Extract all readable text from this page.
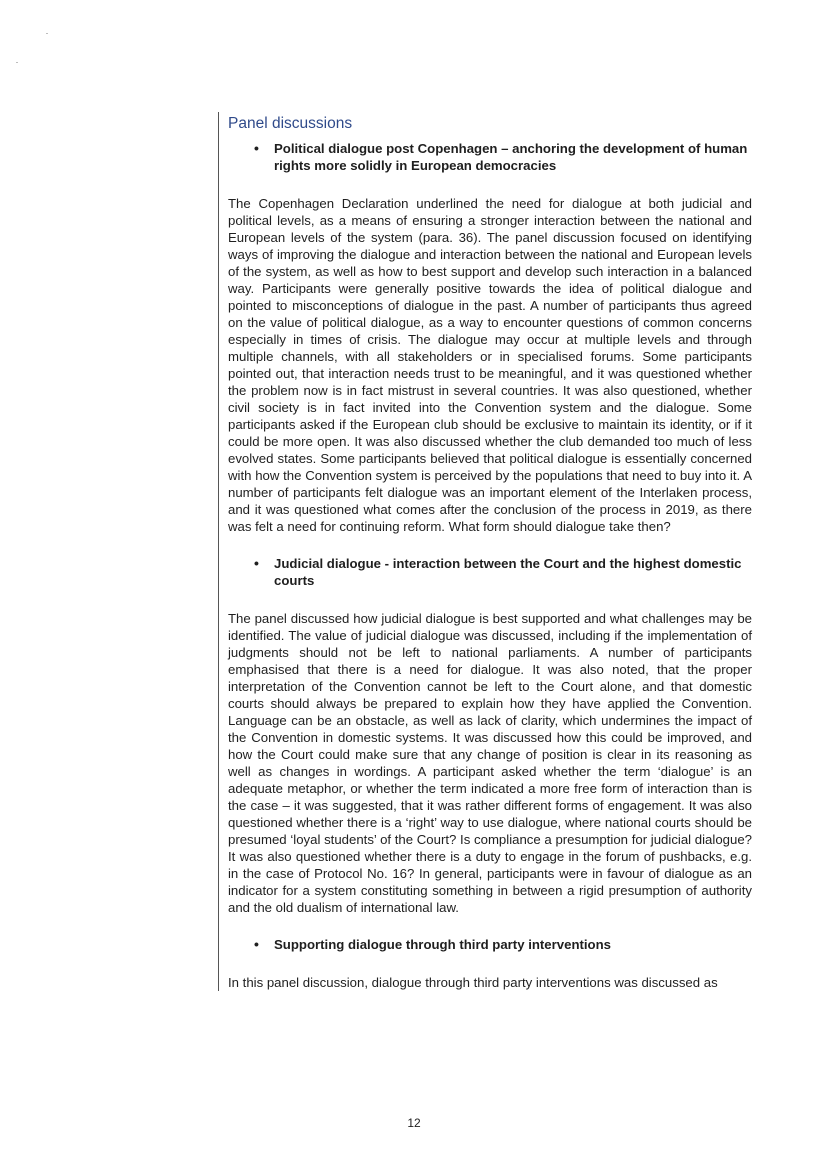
Panel discussions
•	Political dialogue post Copenhagen – anchoring the development of human rights more solidly in European democracies

The Copenhagen Declaration underlined the need for dialogue at both judicial and political levels, as a means of ensuring a stronger interaction between the national and European levels of the system (para. 36). The panel discussion focused on identifying ways of improving the dialogue and interaction between the national and European levels of the system, as well as how to best support and develop such interaction in a balanced way. Participants were generally positive towards the idea of political dialogue and pointed to misconceptions of dialogue in the past. A number of participants thus agreed on the value of political dialogue, as a way to encounter questions of common concerns especially in times of crisis. The dialogue may occur at multiple levels and through multiple channels, with all stakeholders or in specialised forums. Some participants pointed out, that interaction needs trust to be meaningful, and it was questioned whether the problem now is in fact mistrust in several countries. It was also questioned, whether civil society is in fact invited into the Convention system and the dialogue. Some participants asked if the European club should be exclusive to maintain its identity, or if it could be more open. It was also discussed whether the club demanded too much of less evolved states. Some participants believed that political dialogue is essentially concerned with how the Convention system is perceived by the populations that need to buy into it. A number of participants felt dialogue was an important element of the Interlaken process, and it was questioned what comes after the conclusion of the process in 2019, as there was felt a need for continuing reform. What form should dialogue take then?

•	Judicial dialogue - interaction between the Court and the highest domestic courts

The panel discussed how judicial dialogue is best supported and what challenges may be identified. The value of judicial dialogue was discussed, including if the implementation of judgments should not be left to national parliaments. A number of participants emphasised that there is a need for dialogue. It was also noted, that the proper interpretation of the Convention cannot be left to the Court alone, and that domestic courts should always be prepared to explain how they have applied the Convention. Language can be an obstacle, as well as lack of clarity, which undermines the impact of the Convention in domestic systems. It was discussed how this could be improved, and how the Court could make sure that any change of position is clear in its reasoning as well as changes in wordings. A participant asked whether the term ‘dialogue’ is an adequate metaphor, or whether the term indicated a more free form of interaction than is the case – it was suggested, that it was rather different forms of engagement. It was also questioned whether there is a ‘right’ way to use dialogue, where national courts should be presumed ‘loyal students’ of the Court? Is compliance a presumption for judicial dialogue? It was also questioned whether there is a duty to engage in the forum of pushbacks, e.g. in the case of Protocol No. 16? In general, participants were in favour of dialogue as an indicator for a system constituting something in between a rigid presumption of authority and the old dualism of international law.

•	Supporting dialogue through third party interventions

In this panel discussion, dialogue through third party interventions was discussed as

12
